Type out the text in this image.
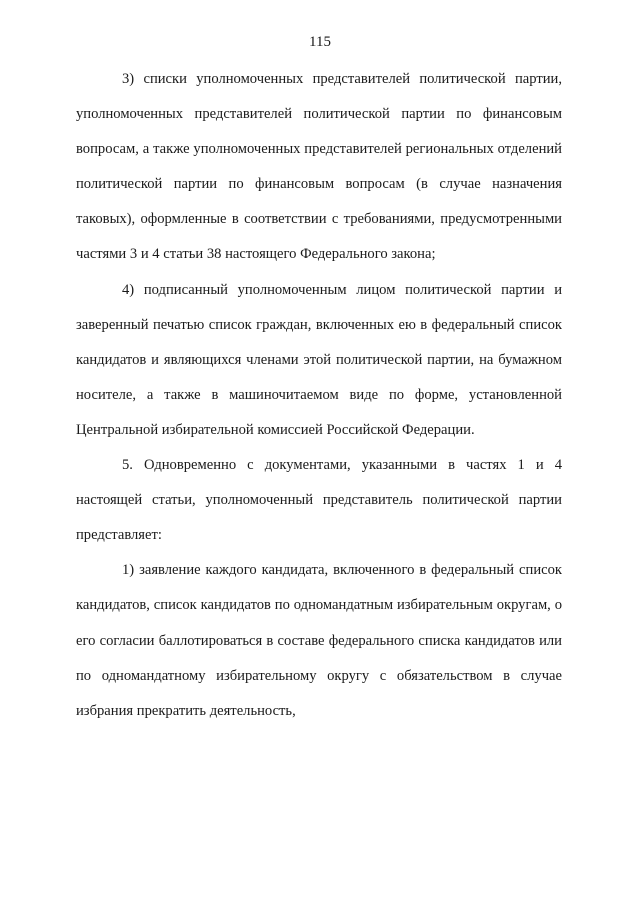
115

3) списки уполномоченных представителей политической партии, уполномоченных представителей политической партии по финансовым вопросам, а также уполномоченных представителей региональных отделений политической партии по финансовым вопросам (в случае назначения таковых), оформленные в соответствии с требованиями, предусмотренными частями 3 и 4 статьи 38 настоящего Федерального закона;

4) подписанный уполномоченным лицом политической партии и заверенный печатью список граждан, включенных ею в федеральный список кандидатов и являющихся членами этой политической партии, на бумажном носителе, а также в машиночитаемом виде по форме, установленной Центральной избирательной комиссией Российской Федерации.

5. Одновременно с документами, указанными в частях 1 и 4 настоящей статьи, уполномоченный представитель политической партии представляет:

1) заявление каждого кандидата, включенного в федеральный список кандидатов, список кандидатов по одномандатным избирательным округам, о его согласии баллотироваться в составе федерального списка кандидатов или по одномандатному избирательному округу с обязательством в случае избрания прекратить деятельность,
